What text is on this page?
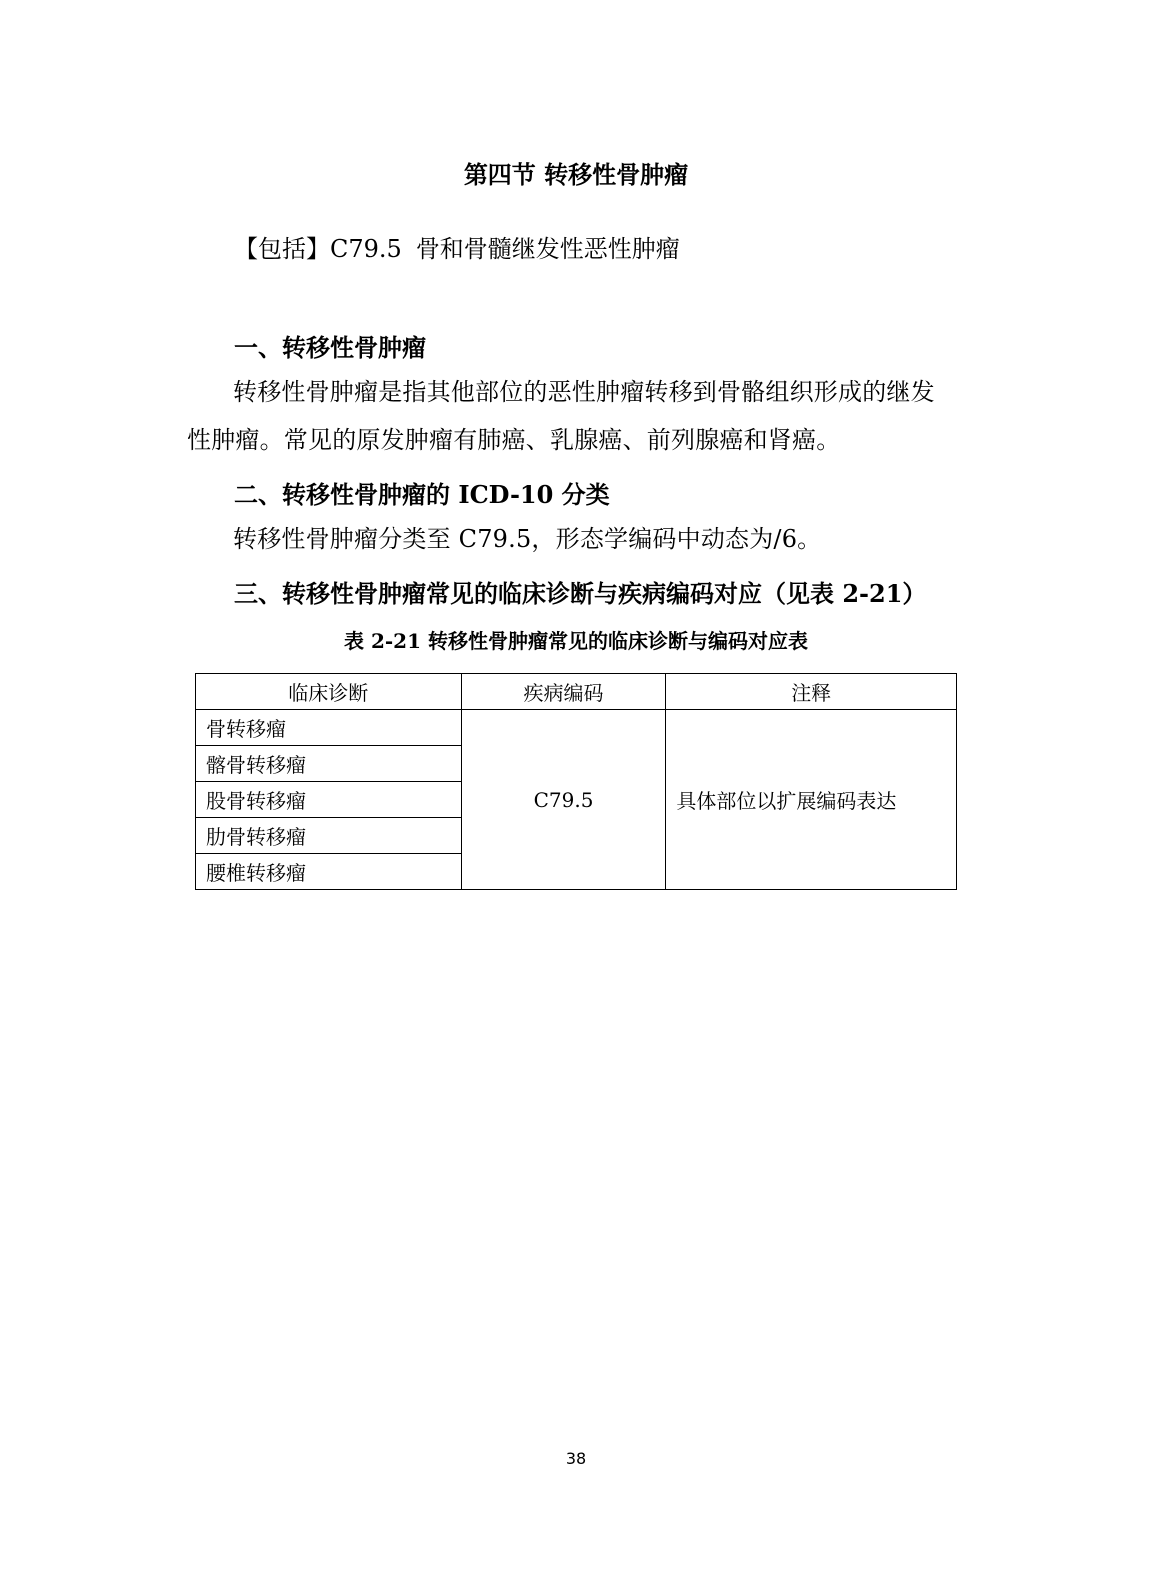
第四节 转移性骨肿瘤
【包括】C79.5 骨和骨髓继发性恶性肿瘤
一、转移性骨肿瘤
转移性骨肿瘤是指其他部位的恶性肿瘤转移到骨骼组织形成的继发性肿瘤。常见的原发肿瘤有肺癌、乳腺癌、前列腺癌和肾癌。
二、转移性骨肿瘤的 ICD-10 分类
转移性骨肿瘤分类至 C79.5，形态学编码中动态为/6。
三、转移性骨肿瘤常见的临床诊断与疾病编码对应（见表 2-21）
表 2-21 转移性骨肿瘤常见的临床诊断与编码对应表
临床诊断	疾病编码	注释
骨转移瘤	C79.5	具体部位以扩展编码表达
髂骨转移瘤		
股骨转移瘤		
肋骨转移瘤		
腰椎转移瘤		
38
